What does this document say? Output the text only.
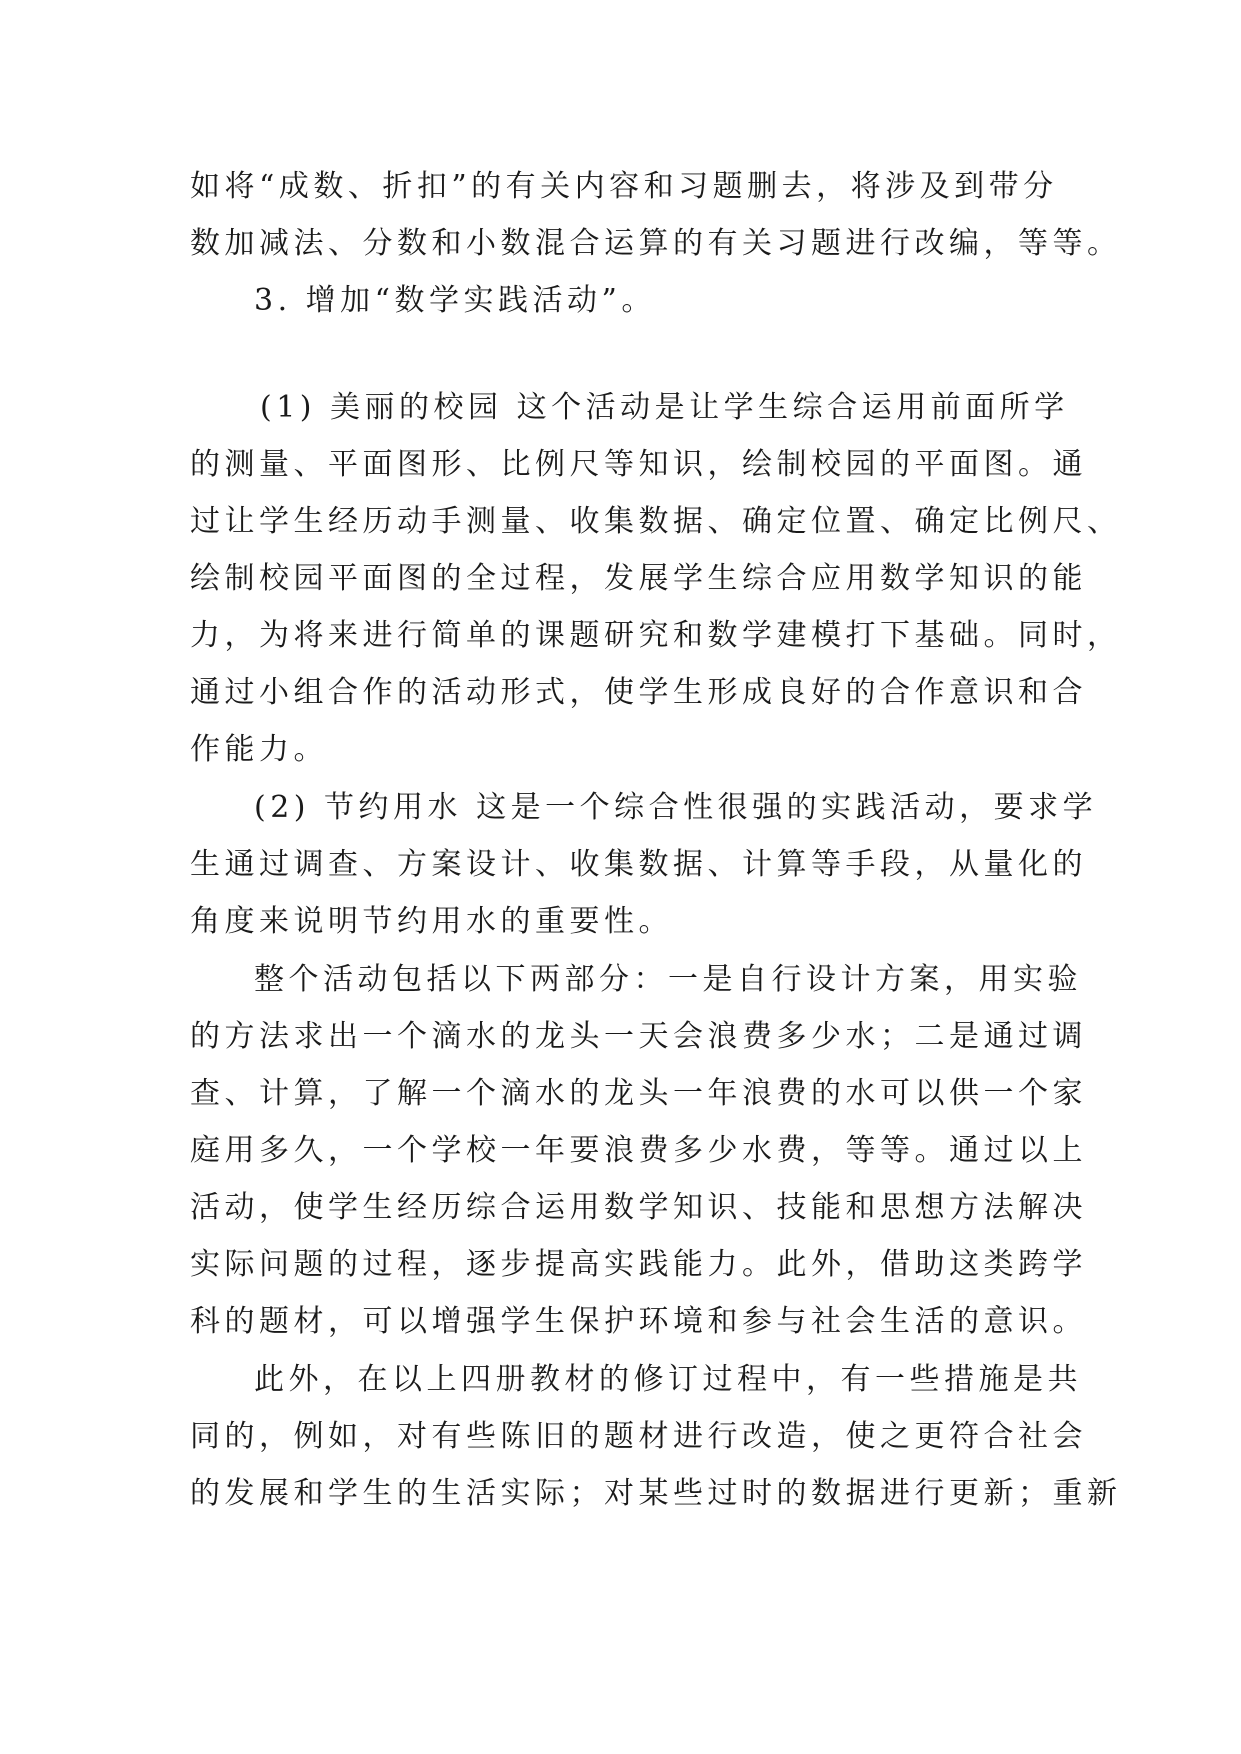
如将“成数、折扣”的有关内容和习题删去，将涉及到带分
数加减法、分数和小数混合运算的有关习题进行改编，等等。
3. 增加“数学实践活动”。
(1) 美丽的校园 这个活动是让学生综合运用前面所学
的测量、平面图形、比例尺等知识，绘制校园的平面图。通
过让学生经历动手测量、收集数据、确定位置、确定比例尺、
绘制校园平面图的全过程，发展学生综合应用数学知识的能
力，为将来进行简单的课题研究和数学建模打下基础。同时，
通过小组合作的活动形式，使学生形成良好的合作意识和合
作能力。
(2) 节约用水 这是一个综合性很强的实践活动，要求学
生通过调查、方案设计、收集数据、计算等手段，从量化的
角度来说明节约用水的重要性。
整个活动包括以下两部分：一是自行设计方案，用实验
的方法求出一个滴水的龙头一天会浪费多少水；二是通过调
查、计算，了解一个滴水的龙头一年浪费的水可以供一个家
庭用多久，一个学校一年要浪费多少水费，等等。通过以上
活动，使学生经历综合运用数学知识、技能和思想方法解决
实际问题的过程，逐步提高实践能力。此外，借助这类跨学
科的题材，可以增强学生保护环境和参与社会生活的意识。
此外，在以上四册教材的修订过程中，有一些措施是共
同的，例如，对有些陈旧的题材进行改造，使之更符合社会
的发展和学生的生活实际；对某些过时的数据进行更新；重新
